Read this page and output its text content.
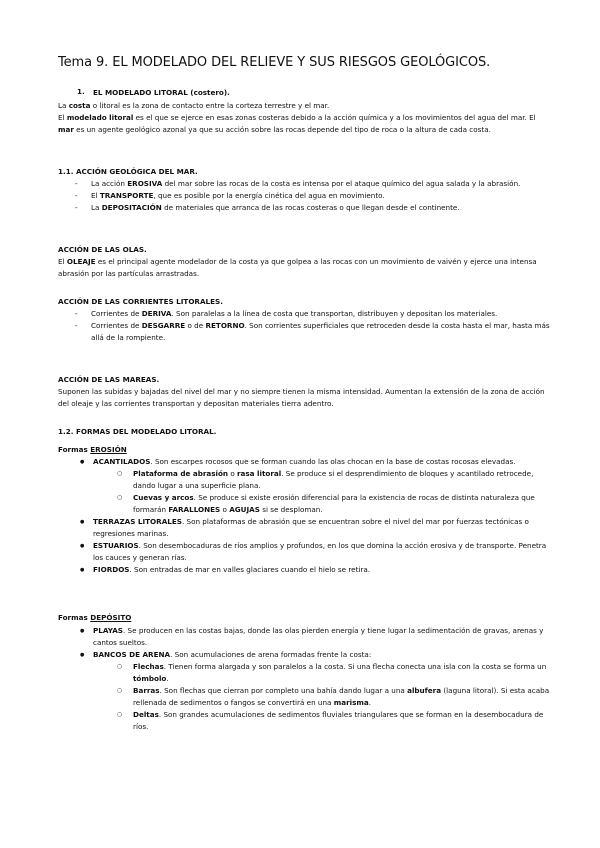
Tema 9. EL MODELADO DEL RELIEVE Y SUS RIESGOS GEOLÓGICOS.
1. EL MODELADO LITORAL (costero).

La costa o litoral es la zona de contacto entre la corteza terrestre y el mar.

El modelado litoral es el que se ejerce en esas zonas costeras debido a la acción química y a los movimientos del agua del mar. El mar es un agente geológico azonal ya que su acción sobre las rocas depende del tipo de roca o la altura de cada costa.

1.1. ACCIÓN GEOLÓGICA DEL MAR.

- La acción EROSIVA del mar sobre las rocas de la costa es intensa por el ataque químico del agua salada y la abrasión.

- El TRANSPORTE, que es posible por la energía cinética del agua en movimiento.

- La DEPOSITACIÓN de materiales que arranca de las rocas costeras o que llegan desde el continente.

ACCIÓN DE LAS OLAS.

El OLEAJE es el principal agente modelador de la costa ya que golpea a las rocas con un movimiento de vaivén y ejerce una intensa abrasión por las partículas arrastradas.

ACCIÓN DE LAS CORRIENTES LITORALES.

- Corrientes de DERIVA. Son paralelas a la línea de costa que transportan, distribuyen y depositan los materiales.

- Corrientes de DESGARRE o de RETORNO. Son corrientes superficiales que retroceden desde la costa hasta el mar, hasta más allá de la rompiente.

ACCIÓN DE LAS MAREAS.

Suponen las subidas y bajadas del nivel del mar y no siempre tienen la misma intensidad. Aumentan la extensión de la zona de acción del oleaje y las corrientes transportan y depositan materiales tierra adentro.

1.2. FORMAS DEL MODELADO LITORAL.
Formas EROSIÓN

● ACANTILADOS. Son escarpes rocosos que se forman cuando las olas chocan en la base de costas rocosas elevadas.

○ Plataforma de abrasión o rasa litoral. Se produce si el desprendimiento de bloques y acantilado retrocede, dando lugar a una superficie plana.

○ Cuevas y arcos. Se produce si existe erosión diferencial para la existencia de rocas de distinta naturaleza que formarán FARALLONES o AGUJAS si se desploman.

● TERRAZAS LITORALES. Son plataformas de abrasión que se encuentran sobre el nivel del mar por fuerzas tectónicas o regresiones marinas.

● ESTUARIOS. Son desembocaduras de ríos amplios y profundos, en los que domina la acción erosiva y de transporte. Penetra los cauces y generan rías.

● FIORDOS. Son entradas de mar en valles glaciares cuando el hielo se retira.

Formas DEPÓSITO

● PLAYAS. Se producen en las costas bajas, donde las olas pierden energía y tiene lugar la sedimentación de gravas, arenas y cantos sueltos.

● BANCOS DE ARENA. Son acumulaciones de arena formadas frente la costa:

○ Flechas. Tienen forma alargada y son paralelos a la costa. Si una flecha conecta una isla con la costa se forma un tómbolo.

○ Barras. Son flechas que cierran por completo una bahía dando lugar a una albufera (laguna litoral). Si esta acaba rellenada de sedimentos o fangos se convertirá en una marisma.

○ Deltas. Son grandes acumulaciones de sedimentos fluviales triangulares que se forman en la desembocadura de ríos.
